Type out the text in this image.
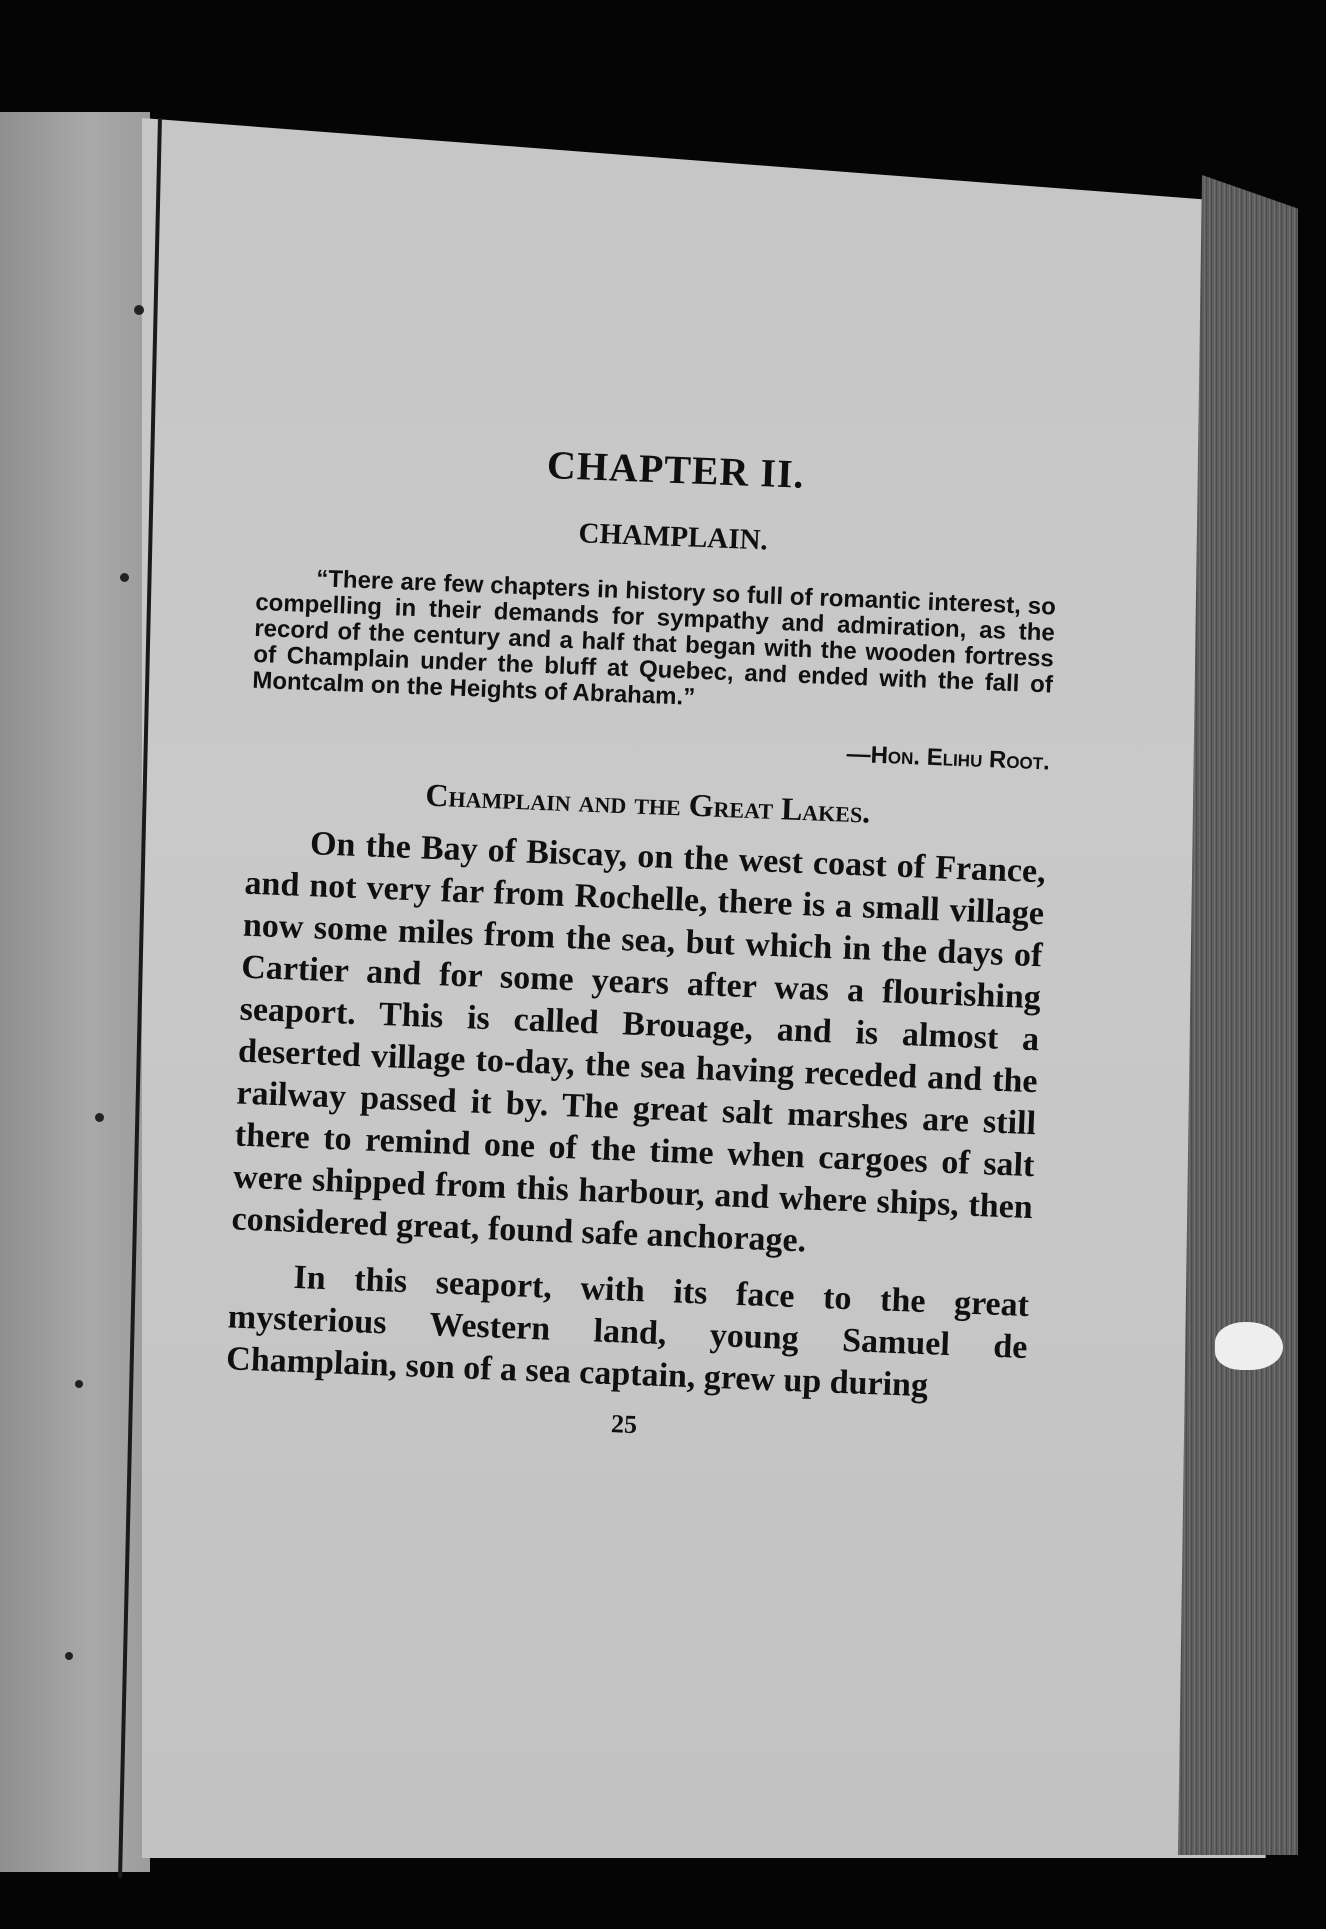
CHAPTER II.

CHAMPLAIN.

“There are few chapters in history so full of romantic interest, so compelling in their demands for sympathy and admiration, as the record of the century and a half that began with the wooden fortress of Champlain under the bluff at Quebec, and ended with the fall of Montcalm on the Heights of Abraham.”

—Hon. Elihu Root.

Champlain and the Great Lakes.

On the Bay of Biscay, on the west coast of France, and not very far from Rochelle, there is a small village now some miles from the sea, but which in the days of Cartier and for some years after was a flourishing seaport. This is called Brouage, and is almost a deserted village to-day, the sea having receded and the railway passed it by. The great salt marshes are still there to remind one of the time when cargoes of salt were shipped from this harbour, and where ships, then considered great, found safe anchorage.

In this seaport, with its face to the great mysterious Western land, young Samuel de Champlain, son of a sea captain, grew up during

25
